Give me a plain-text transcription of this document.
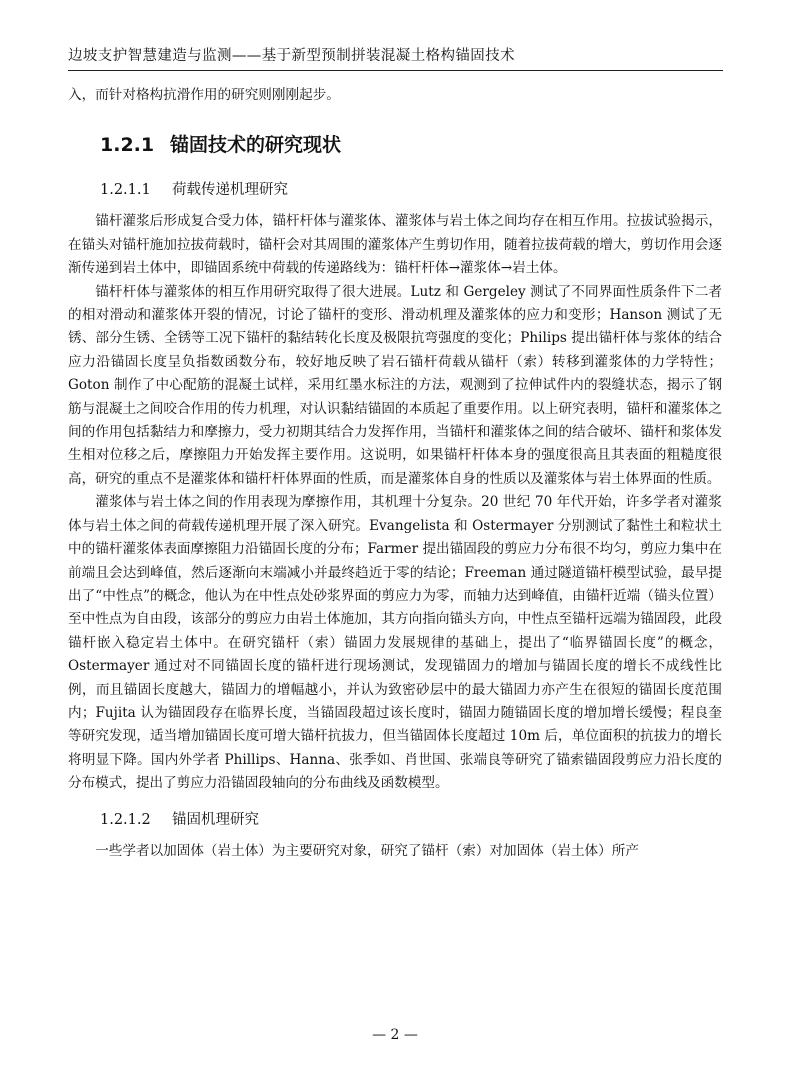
边坡支护智慧建造与监测——基于新型预制拼装混凝土格构锚固技术

入，而针对格构抗滑作用的研究则刚刚起步。

1.2.1 锚固技术的研究现状
1.2.1.1 荷载传递机理研究

锚杆灌浆后形成复合受力体，锚杆杆体与灌浆体、灌浆体与岩土体之间均存在相互作用。拉拔试验揭示，在锚头对锚杆施加拉拔荷载时，锚杆会对其周围的灌浆体产生剪切作用，随着拉拔荷载的增大，剪切作用会逐渐传递到岩土体中，即锚固系统中荷载的传递路线为：锚杆杆体→灌浆体→岩土体。

锚杆杆体与灌浆体的相互作用研究取得了很大进展。Lutz 和 Gergeley 测试了不同界面性质条件下二者的相对滑动和灌浆体开裂的情况，讨论了锚杆的变形、滑动机理及灌浆体的应力和变形；Hanson 测试了无锈、部分生锈、全锈等工况下锚杆的黏结转化长度及极限抗弯强度的变化；Philips 提出锚杆体与浆体的结合应力沿锚固长度呈负指数函数分布，较好地反映了岩石锚杆荷载从锚杆（索）转移到灌浆体的力学特性；Goton 制作了中心配筋的混凝土试样，采用红墨水标注的方法，观测到了拉伸试件内的裂缝状态，揭示了钢筋与混凝土之间咬合作用的传力机理，对认识黏结锚固的本质起了重要作用。以上研究表明，锚杆和灌浆体之间的作用包括黏结力和摩擦力，受力初期其结合力发挥作用，当锚杆和灌浆体之间的结合破坏、锚杆和浆体发生相对位移之后，摩擦阻力开始发挥主要作用。这说明，如果锚杆杆体本身的强度很高且其表面的粗糙度很高，研究的重点不是灌浆体和锚杆杆体界面的性质，而是灌浆体自身的性质以及灌浆体与岩土体界面的性质。

灌浆体与岩土体之间的作用表现为摩擦作用，其机理十分复杂。20 世纪 70 年代开始，许多学者对灌浆体与岩土体之间的荷载传递机理开展了深入研究。Evangelista 和 Ostermayer 分别测试了黏性土和粒状土中的锚杆灌浆体表面摩擦阻力沿锚固长度的分布；Farmer 提出锚固段的剪应力分布很不均匀，剪应力集中在前端且会达到峰值，然后逐渐向末端减小并最终趋近于零的结论；Freeman 通过隧道锚杆模型试验，最早提出了“中性点”的概念，他认为在中性点处砂浆界面的剪应力为零，而轴力达到峰值，由锚杆近端（锚头位置）至中性点为自由段，该部分的剪应力由岩土体施加，其方向指向锚头方向，中性点至锚杆远端为锚固段，此段锚杆嵌入稳定岩土体中。在研究锚杆（索）锚固力发展规律的基础上，提出了“临界锚固长度”的概念，Ostermayer 通过对不同锚固长度的锚杆进行现场测试，发现锚固力的增加与锚固长度的增长不成线性比例，而且锚固长度越大，锚固力的增幅越小，并认为致密砂层中的最大锚固力亦产生在很短的锚固长度范围内；Fujita 认为锚固段存在临界长度，当锚固段超过该长度时，锚固力随锚固长度的增加增长缓慢；程良奎等研究发现，适当增加锚固长度可增大锚杆抗拔力，但当锚固体长度超过 10m 后，单位面积的抗拔力的增长将明显下降。国内外学者 Phillips、Hanna、张季如、肖世国、张端良等研究了锚索锚固段剪应力沿长度的分布模式，提出了剪应力沿锚固段轴向的分布曲线及函数模型。

1.2.1.2 锚固机理研究

一些学者以加固体（岩土体）为主要研究对象，研究了锚杆（索）对加固体（岩土体）所产

— 2 —
